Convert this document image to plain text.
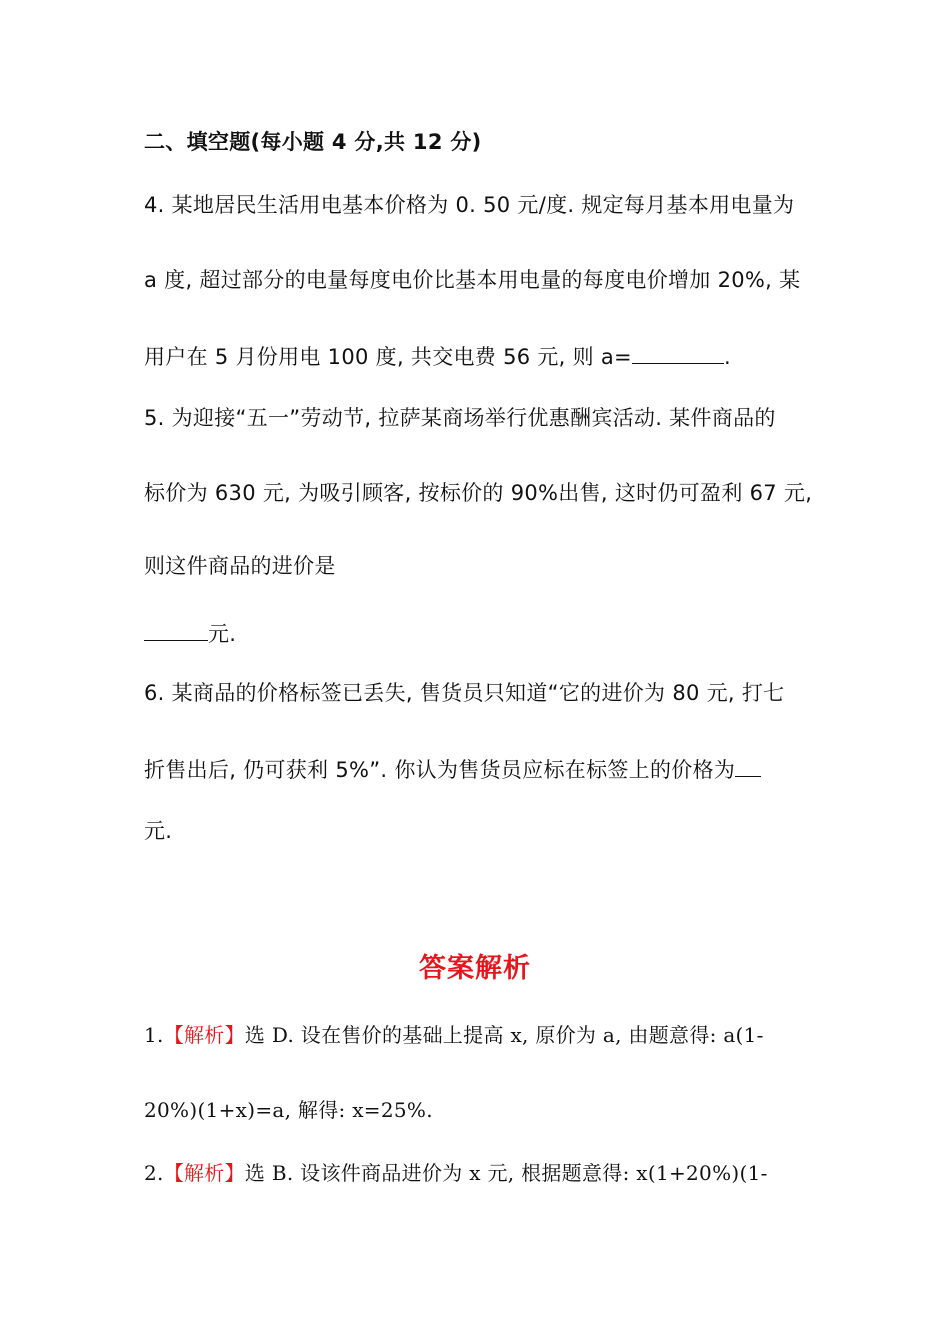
二、填空题(每小题 4 分,共 12 分)
4. 某地居民生活用电基本价格为 0. 50 元/度. 规定每月基本用电量为
a 度, 超过部分的电量每度电价比基本用电量的每度电价增加 20%, 某
用户在 5 月份用电 100 度, 共交电费 56 元, 则 a=	.
5. 为迎接“五一”劳动节, 拉萨某商场举行优惠酬宾活动. 某件商品的
标价为 630 元, 为吸引顾客, 按标价的 90%出售, 这时仍可盈利 67 元,
则这件商品的进价是
元.
6. 某商品的价格标签已丢失, 售货员只知道“它的进价为 80 元, 打七
折售出后, 仍可获利 5%”. 你认为售货员应标在标签上的价格为
元.
答案解析
1.【解析】选 D. 设在售价的基础上提高 x, 原价为 a, 由题意得: a(1-
20%)(1+x)=a, 解得: x=25%.
2.【解析】选 B. 设该件商品进价为 x 元, 根据题意得: x(1+20%)(1-
